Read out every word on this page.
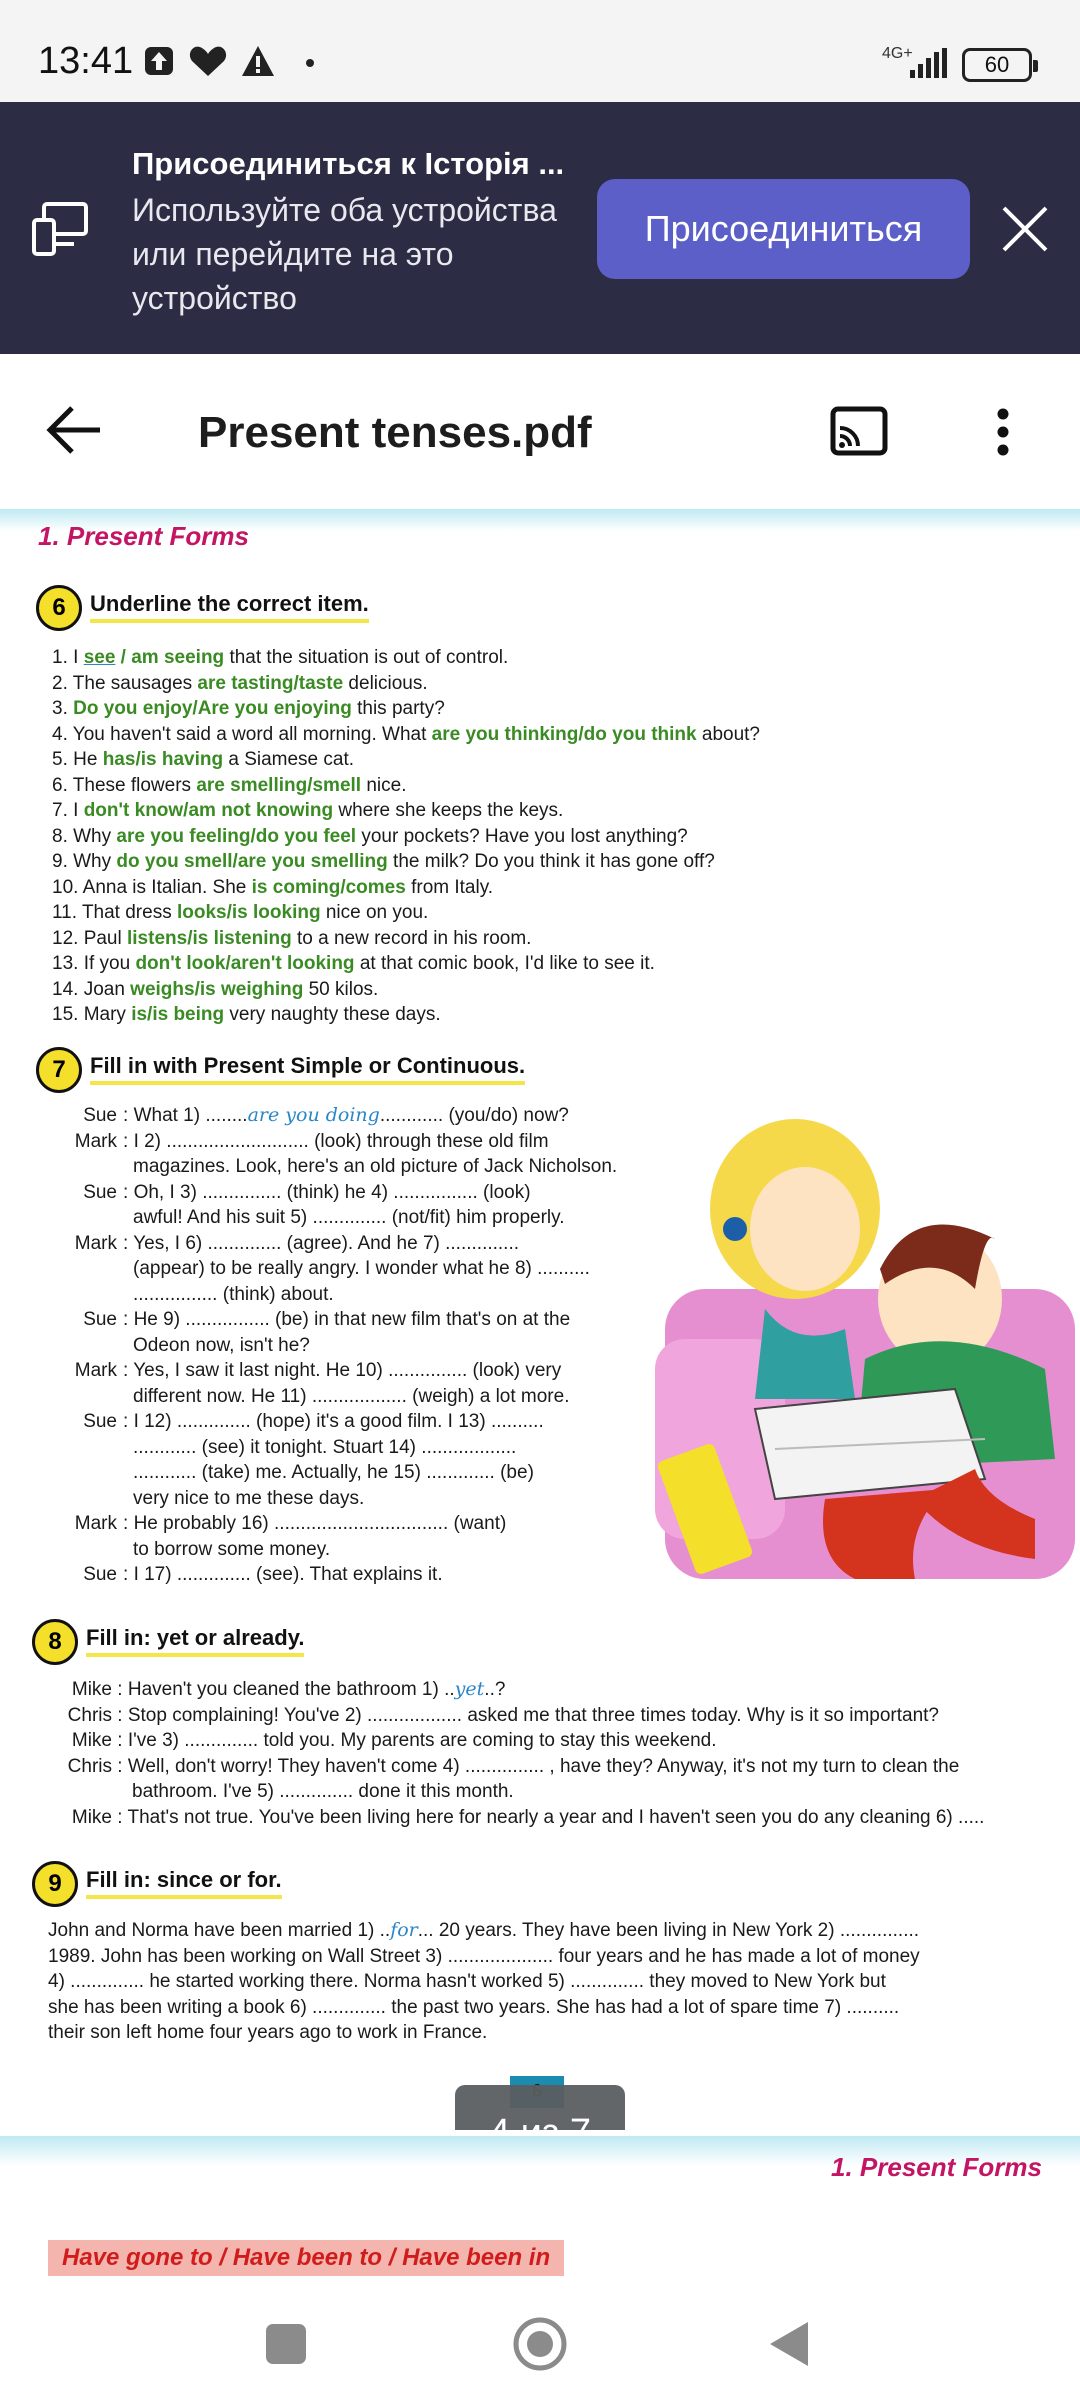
13:41	4G+	60
Присоединиться к Історія ...
Используйте оба устройства или перейдите на это устройство
Присоединиться
Present tenses.pdf
1. Present Forms
6	Underline the correct item.
1. I see / am seeing that the situation is out of control.
2. The sausages are tasting/taste delicious.
3. Do you enjoy/Are you enjoying this party?
4. You haven't said a word all morning. What are you thinking/do you think about?
5. He has/is having a Siamese cat.
6. These flowers are smelling/smell nice.
7. I don't know/am not knowing where she keeps the keys.
8. Why are you feeling/do you feel your pockets? Have you lost anything?
9. Why do you smell/are you smelling the milk? Do you think it has gone off?
10. Anna is Italian. She is coming/comes from Italy.
11. That dress looks/is looking nice on you.
12. Paul listens/is listening to a new record in his room.
13. If you don't look/aren't looking at that comic book, I'd like to see it.
14. Joan weighs/is weighing 50 kilos.
15. Mary is/is being very naughty these days.
7	Fill in with Present Simple or Continuous.
Sue : What 1) ........are you doing............ (you/do) now?
Mark : I 2) ........................... (look) through these old film
magazines. Look, here's an old picture of Jack Nicholson.
Sue : Oh, I 3) ............... (think) he 4) ................ (look)
awful! And his suit 5) .............. (not/fit) him properly.
Mark : Yes, I 6) .............. (agree). And he 7) ..............
(appear) to be really angry. I wonder what he 8) ..........
................ (think) about.
Sue : He 9) ................ (be) in that new film that's on at the
Odeon now, isn't he?
Mark : Yes, I saw it last night. He 10) ............... (look) very
different now. He 11) .................. (weigh) a lot more.
Sue : I 12) .............. (hope) it's a good film. I 13) ..........
............ (see) it tonight. Stuart 14) ..................
............ (take) me. Actually, he 15) ............. (be)
very nice to me these days.
Mark : He probably 16) ................................. (want)
to borrow some money.
Sue : I 17) .............. (see). That explains it.
8	Fill in: yet or already.
Mike : Haven't you cleaned the bathroom 1) ..yet..?
Chris : Stop complaining! You've 2) .................. asked me that three times today. Why is it so important?
Mike : I've 3) .............. told you. My parents are coming to stay this weekend.
Chris : Well, don't worry! They haven't come 4) ............... , have they? Anyway, it's not my turn to clean the
bathroom. I've 5) .............. done it this month.
Mike : That's not true. You've been living here for nearly a year and I haven't seen you do any cleaning 6) .....
9	Fill in: since or for.
John and Norma have been married 1) ..for... 20 years. They have been living in New York 2) ...............
1989. John has been working on Wall Street 3) .................... four years and he has made a lot of money
4) .............. he started working there. Norma hasn't worked 5) .............. they moved to New York but
she has been writing a book 6) .............. the past two years. She has had a lot of spare time 7) ..........
their son left home four years ago to work in France.
1. Present Forms
Have gone to / Have been to / Have been in
